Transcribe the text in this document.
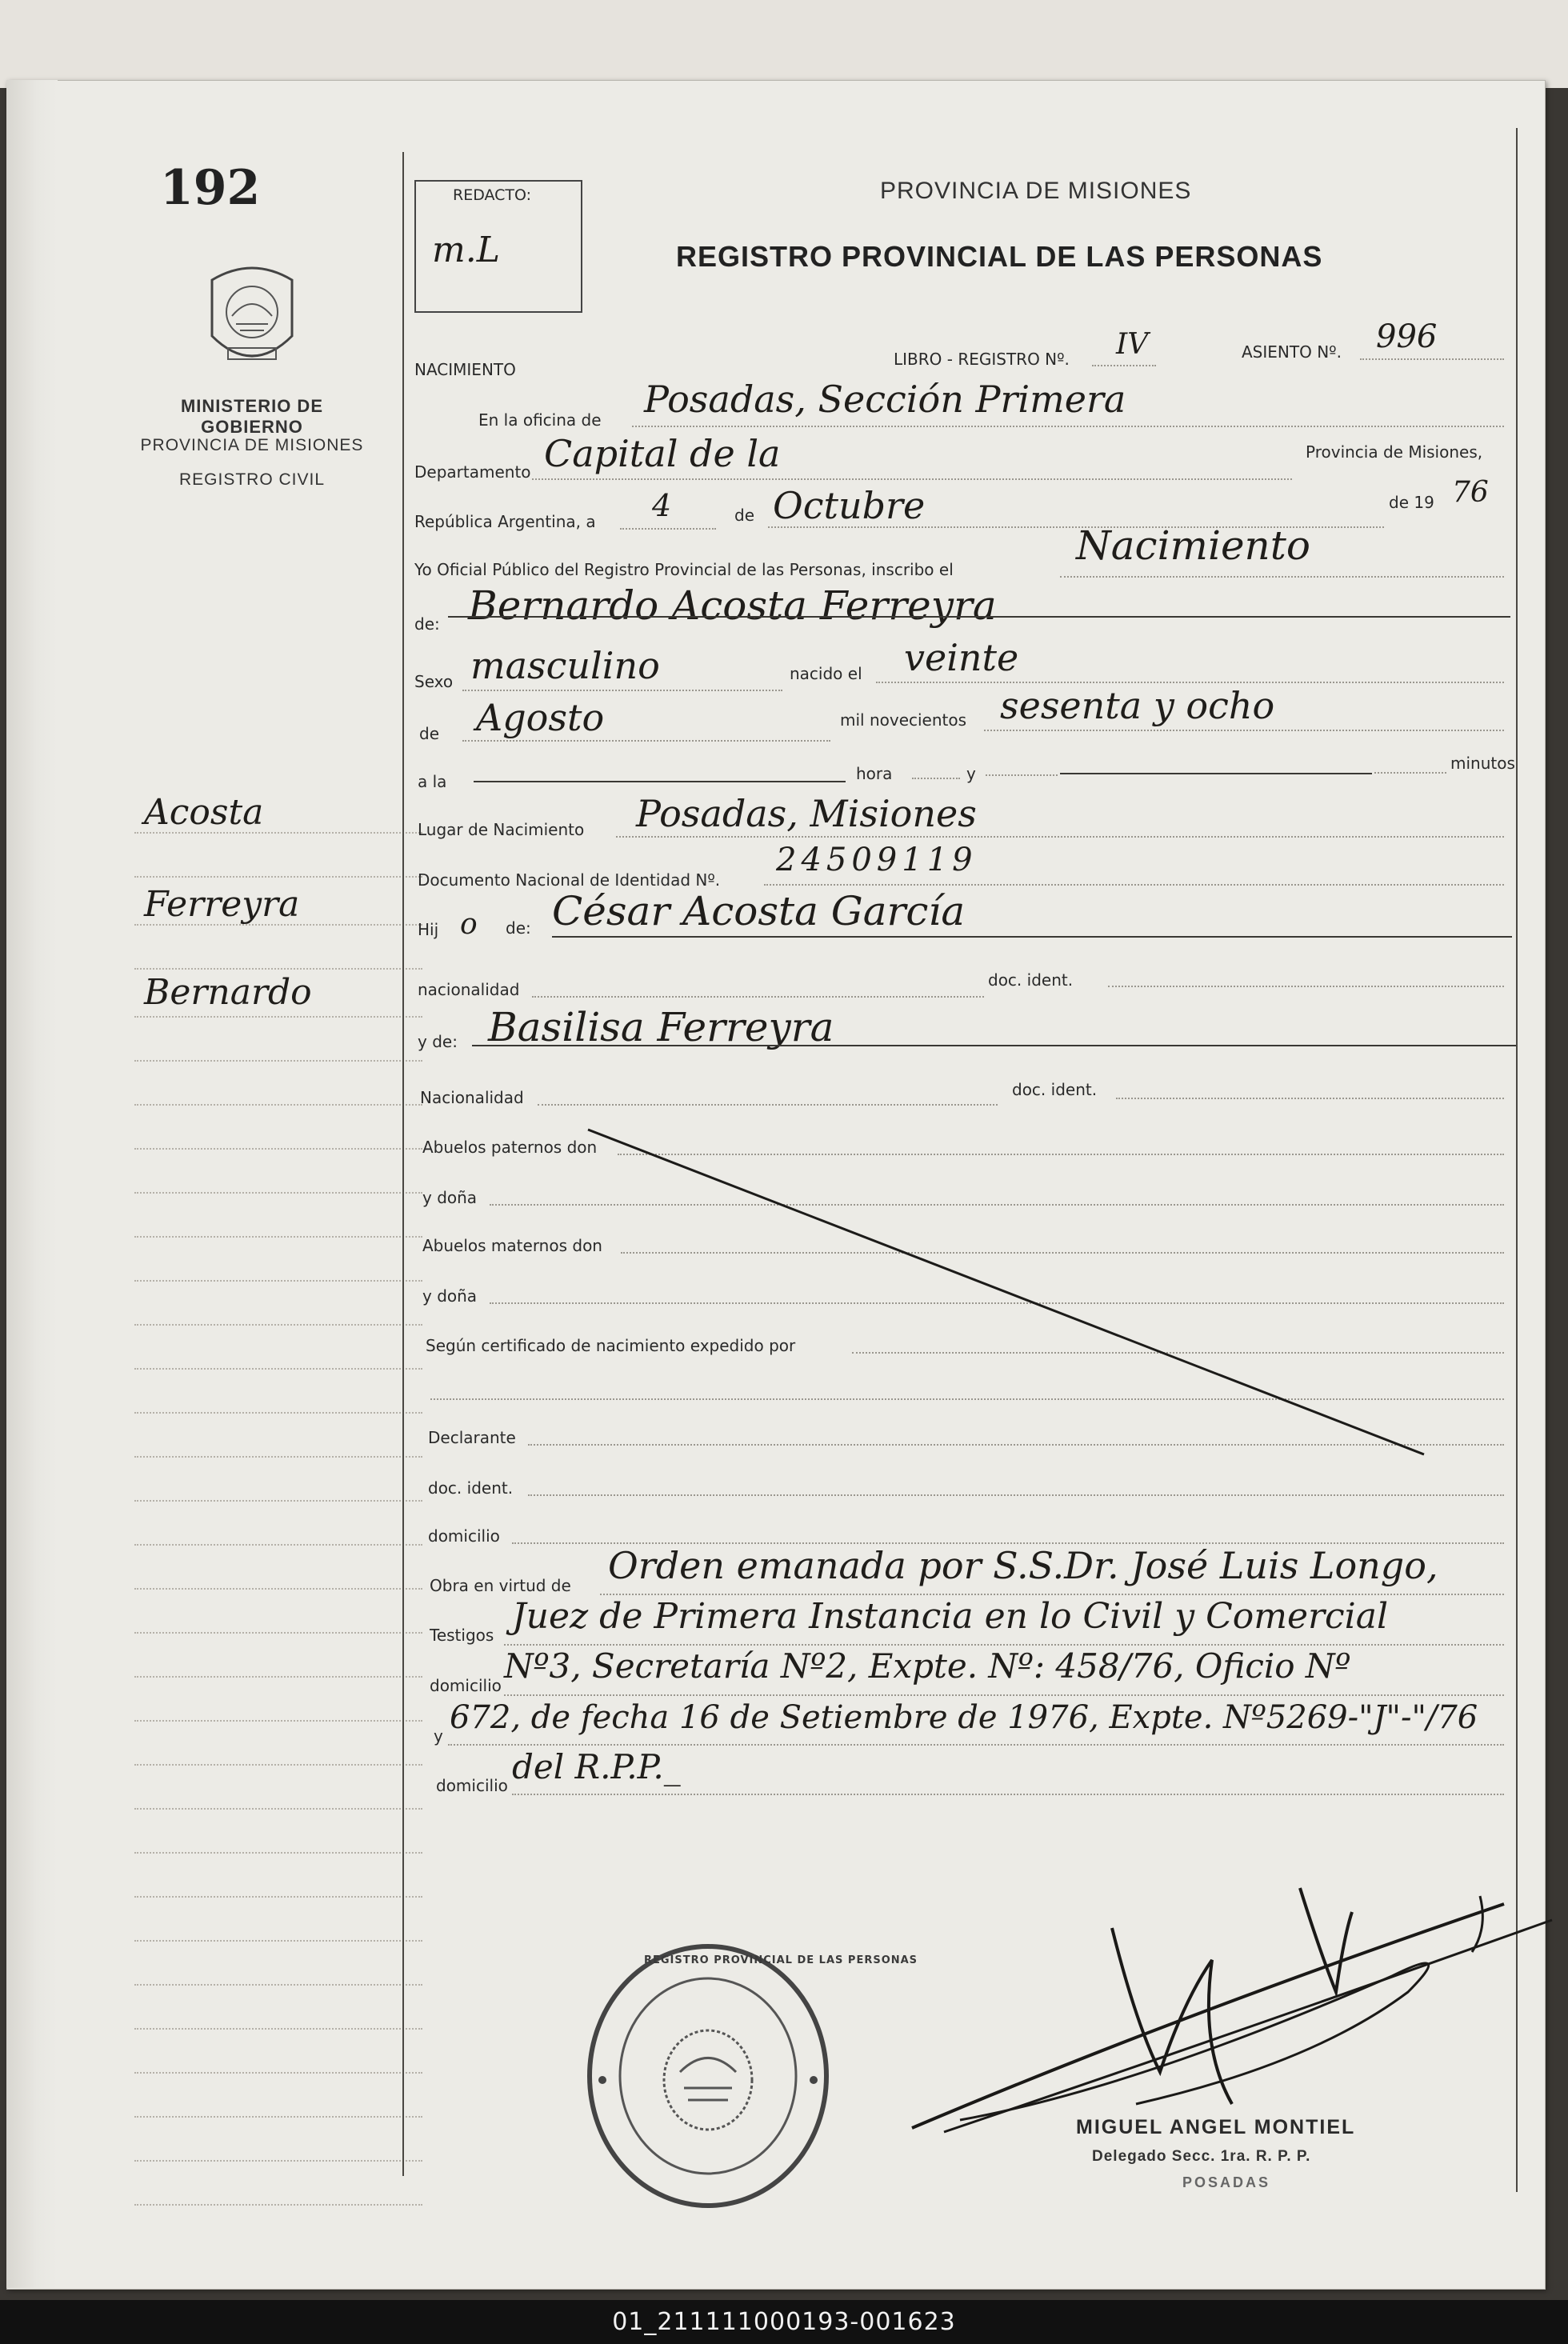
192
MINISTERIO DE GOBIERNO
PROVINCIA DE MISIONES
REGISTRO CIVIL
Acosta
Ferreyra
Bernardo
REDACTO:
m.L
PROVINCIA DE MISIONES
REGISTRO PROVINCIAL DE LAS PERSONAS
NACIMIENTO
LIBRO - REGISTRO Nº. IV	ASIENTO Nº. 996
En la oficina de Posadas, Sección Primera
Departamento Capital de la	Provincia de Misiones,
República Argentina, a 4	de Octubre	de 19 76
Yo Oficial Público del Registro Provincial de las Personas, inscribo el
Nacimiento
de: Bernardo Acosta Ferreyra
Sexo masculino	nacido el veinte
de Agosto	mil novecientos sesenta y ocho
a la	hora	y
minutos
Lugar de Nacimiento Posadas, Misiones
Documento Nacional de Identidad Nº.
24509119
Hij o de: César Acosta García
nacionalidad	doc. ident.
y de: Basilisa Ferreyra
Nacionalidad	doc. ident.
Abuelos paternos don
y doña
Abuelos maternos don
y doña
Según certificado de nacimiento expedido por
Declarante
doc. ident.
domicilio
Obra en virtud de Orden emanada por S.S.Dr. José Luis Longo,
Testigos Juez de Primera Instancia en lo Civil y Comercial
domicilio Nº3, Secretaría Nº2, Expte. Nº: 458/76, Oficio Nº
y 672, de fecha 16 de Setiembre de 1976, Expte. Nº5269-"J"-"/76
domicilio del R.P.P._
REGISTRO PROVINCIAL DE LAS PERSONAS
MIGUEL ANGEL MONTIEL
Delegado Secc. 1ra. R. P. P.
POSADAS
01_211111000193-001623
